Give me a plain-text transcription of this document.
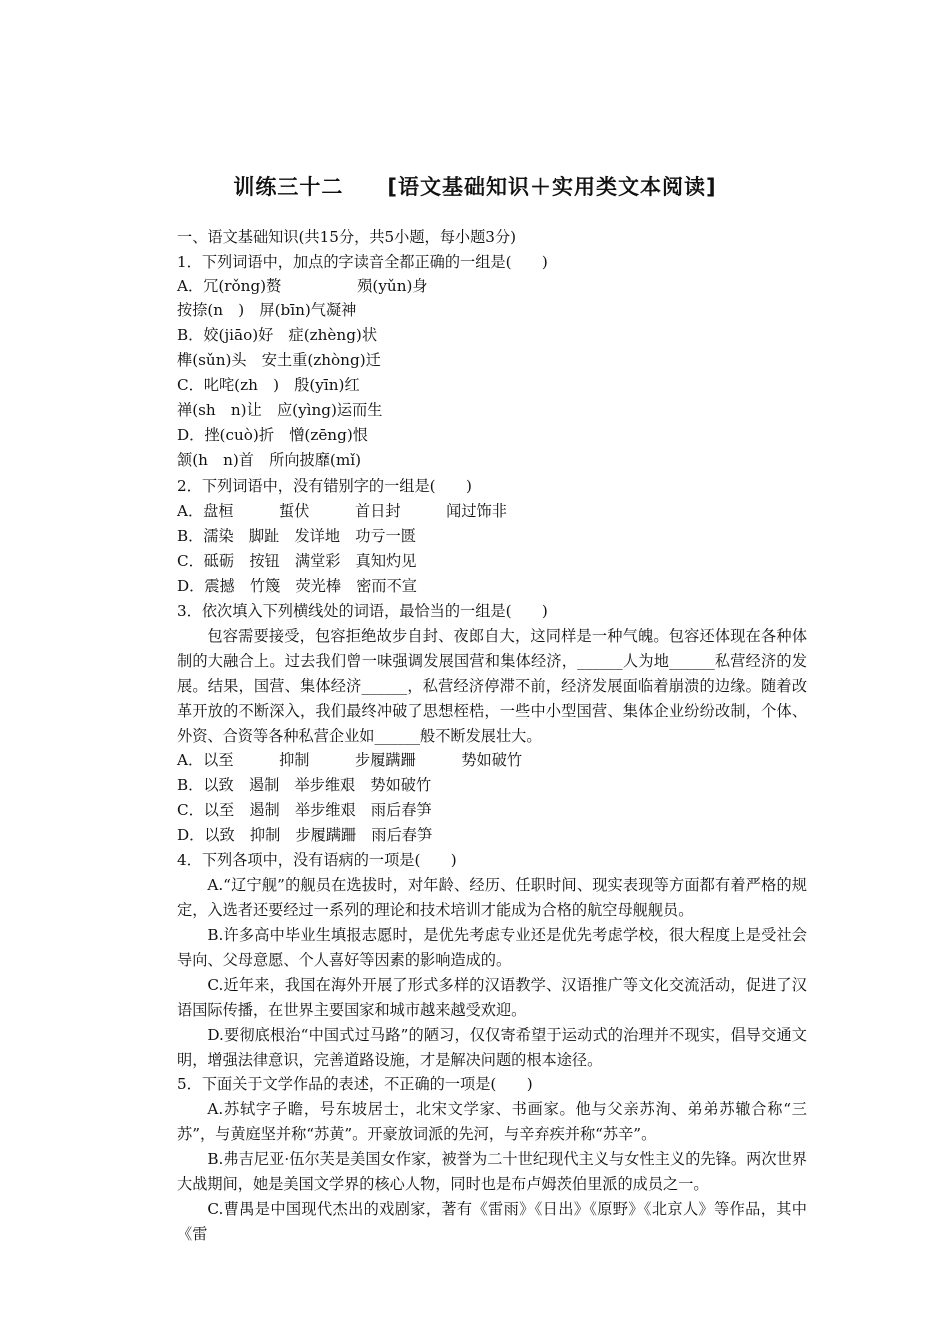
训练三十二　　 [语文基础知识＋实用类文本阅读]
一、语文基础知识(共15分，共5小题，每小题3分)
1．下列词语中，加点的字读音全都正确的一组是(　　)
A．冗(rǒng)赘　　　　　殒(yǔn)身
按捺(n　)　屏(bīn)气凝神
B．姣(jiāo)好　症(zhèng)状
榫(sǔn)头　安土重(zhòng)迁
C．叱咤(zh　)　殷(yīn)红
禅(sh　n)让　应(yìng)运而生
D．挫(cuò)折　憎(zēng)恨
颔(h　n)首　所向披靡(mǐ)
2．下列词语中，没有错别字的一组是(　　)
A．盘桓　　　蜇伏　　　首日封　　　闻过饰非
B．濡染　脚趾　发详地　功亏一匮
C．砥砺　按钮　满堂彩　真知灼见
D．震撼　竹篾　荧光棒　密而不宣
3．依次填入下列横线处的词语，最恰当的一组是(　　)

包容需要接受，包容拒绝故步自封、夜郎自大，这同样是一种气魄。包容还体现在各种体制的大融合上。过去我们曾一味强调发展国营和集体经济，______人为地______私营经济的发展。结果，国营、集体经济______，私营经济停滞不前，经济发展面临着崩溃的边缘。随着改革开放的不断深入，我们最终冲破了思想桎梏，一些中小型国营、集体企业纷纷改制，个体、外资、合资等各种私营企业如______般不断发展壮大。

A．以至　　　抑制　　　步履蹒跚　　　势如破竹
B．以致　遏制　举步维艰　势如破竹
C．以至　遏制　举步维艰　雨后春笋
D．以致　抑制　步履蹒跚　雨后春笋
4．下列各项中，没有语病的一项是(　　)

A.“辽宁舰”的舰员在选拔时，对年龄、经历、任职时间、现实表现等方面都有着严格的规定，入选者还要经过一系列的理论和技术培训才能成为合格的航空母舰舰员。

B.许多高中毕业生填报志愿时，是优先考虑专业还是优先考虑学校，很大程度上是受社会导向、父母意愿、个人喜好等因素的影响造成的。

C.近年来，我国在海外开展了形式多样的汉语教学、汉语推广等文化交流活动，促进了汉语国际传播，在世界主要国家和城市越来越受欢迎。

D.要彻底根治“中国式过马路”的陋习，仅仅寄希望于运动式的治理并不现实，倡导交通文明，增强法律意识，完善道路设施，才是解决问题的根本途径。

5．下面关于文学作品的表述，不正确的一项是(　　)

A.苏轼字子瞻，号东坡居士，北宋文学家、书画家。他与父亲苏洵、弟弟苏辙合称“三苏”，与黄庭坚并称“苏黄”。开豪放词派的先河，与辛弃疾并称“苏辛”。

B.弗吉尼亚·伍尔芙是美国女作家，被誉为二十世纪现代主义与女性主义的先锋。两次世界大战期间，她是美国文学界的核心人物，同时也是布卢姆茨伯里派的成员之一。

C.曹禺是中国现代杰出的戏剧家，著有《雷雨》《日出》《原野》《北京人》等作品，其中《雷
